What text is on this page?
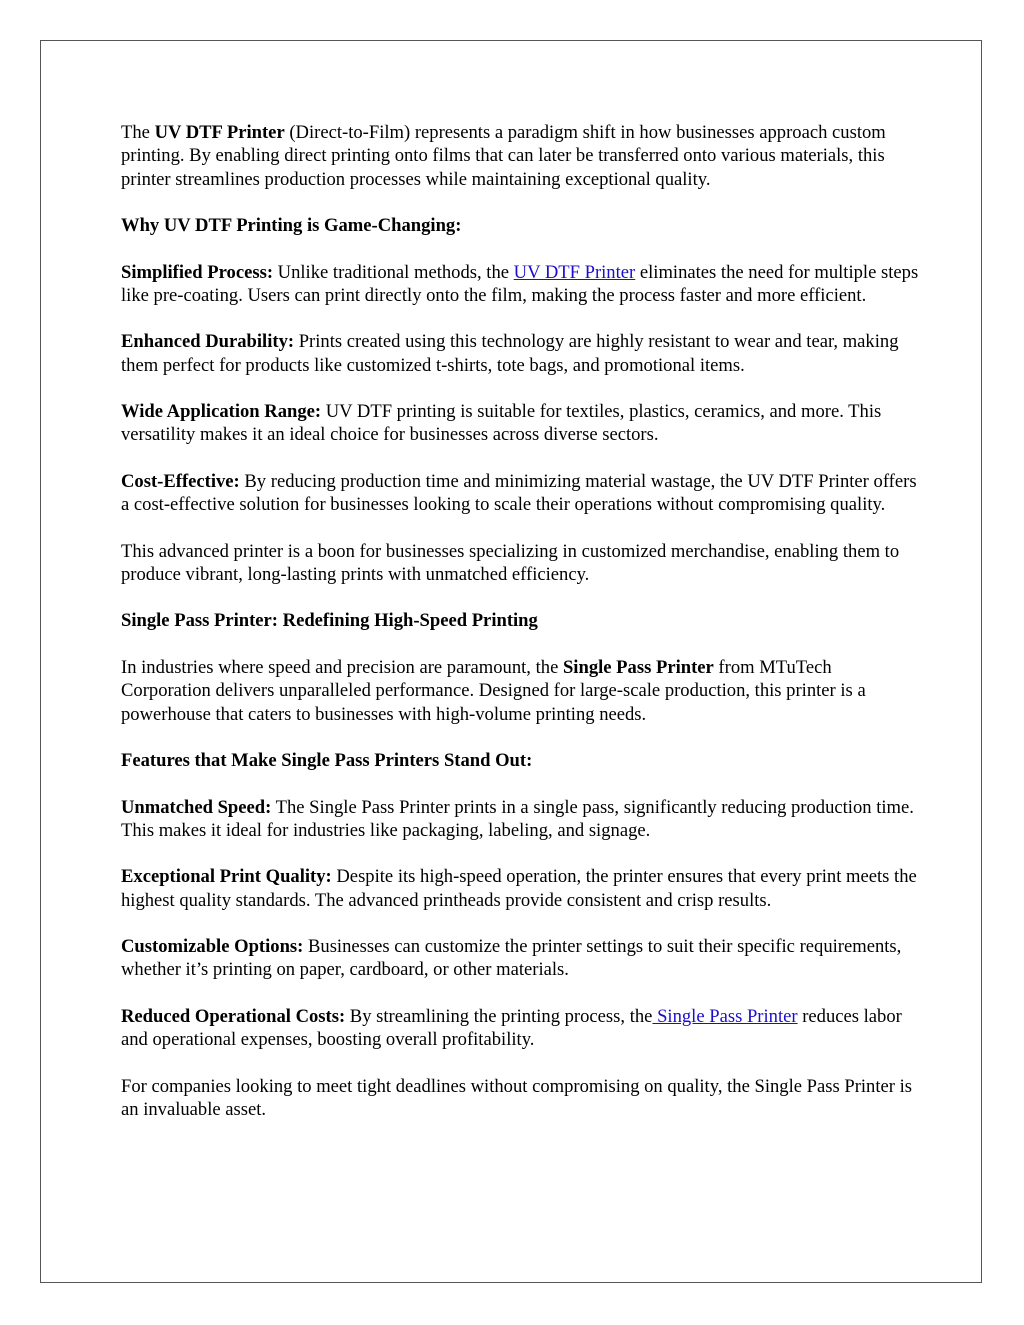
The UV DTF Printer (Direct-to-Film) represents a paradigm shift in how businesses approach custom printing. By enabling direct printing onto films that can later be transferred onto various materials, this printer streamlines production processes while maintaining exceptional quality.

Why UV DTF Printing is Game-Changing:

Simplified Process: Unlike traditional methods, the UV DTF Printer eliminates the need for multiple steps like pre-coating. Users can print directly onto the film, making the process faster and more efficient.

Enhanced Durability: Prints created using this technology are highly resistant to wear and tear, making them perfect for products like customized t-shirts, tote bags, and promotional items.

Wide Application Range: UV DTF printing is suitable for textiles, plastics, ceramics, and more. This versatility makes it an ideal choice for businesses across diverse sectors.

Cost-Effective: By reducing production time and minimizing material wastage, the UV DTF Printer offers a cost-effective solution for businesses looking to scale their operations without compromising quality.

This advanced printer is a boon for businesses specializing in customized merchandise, enabling them to produce vibrant, long-lasting prints with unmatched efficiency.

Single Pass Printer: Redefining High-Speed Printing

In industries where speed and precision are paramount, the Single Pass Printer from MTuTech Corporation delivers unparalleled performance. Designed for large-scale production, this printer is a powerhouse that caters to businesses with high-volume printing needs.

Features that Make Single Pass Printers Stand Out:

Unmatched Speed: The Single Pass Printer prints in a single pass, significantly reducing production time. This makes it ideal for industries like packaging, labeling, and signage.

Exceptional Print Quality: Despite its high-speed operation, the printer ensures that every print meets the highest quality standards. The advanced printheads provide consistent and crisp results.

Customizable Options: Businesses can customize the printer settings to suit their specific requirements, whether it’s printing on paper, cardboard, or other materials.

Reduced Operational Costs: By streamlining the printing process, the Single Pass Printer reduces labor and operational expenses, boosting overall profitability.

For companies looking to meet tight deadlines without compromising on quality, the Single Pass Printer is an invaluable asset.
